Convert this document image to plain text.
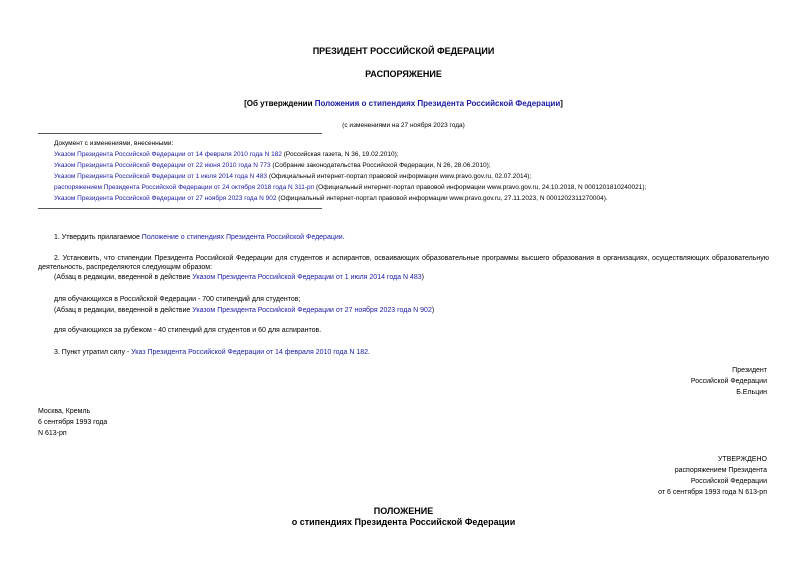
ПРЕЗИДЕНТ РОССИЙСКОЙ ФЕДЕРАЦИИ
РАСПОРЯЖЕНИЕ
[Об утверждении Положения о стипендиях Президента Российской Федерации]
(с изменениями на 27 ноября 2023 года)
Документ с изменениями, внесенными:
Указом Президента Российской Федерации от 14 февраля 2010 года N 182 (Российская газета, N 36, 19.02.2010);
Указом Президента Российской Федерации от 22 июня 2010 года N 773 (Собрание законодательства Российской Федерации, N 26, 28.06.2010);
Указом Президента Российской Федерации от 1 июля 2014 года N 483 (Официальный интернет-портал правовой информации www.pravo.gov.ru, 02.07.2014);
распоряжением Президента Российской Федерации от 24 октября 2018 года N 311-рп (Официальный интернет-портал правовой информации www.pravo.gov.ru, 24.10.2018, N 0001201810240021);
Указом Президента Российской Федерации от 27 ноября 2023 года N 902 (Официальный интернет-портал правовой информации www.pravo.gov.ru, 27.11.2023, N 0001202311270004).
1. Утвердить прилагаемое Положение о стипендиях Президента Российской Федерации.
2. Установить, что стипендии Президента Российской Федерации для студентов и аспирантов, осваивающих образовательные программы высшего образования в организациях, осуществляющих образовательную деятельность, распределяются следующим образом:
(Абзац в редакции, введенной в действие Указом Президента Российской Федерации от 1 июля 2014 года N 483)
для обучающихся в Российской Федерации - 700 стипендий для студентов;
(Абзац в редакции, введенной в действие Указом Президента Российской Федерации от 27 ноября 2023 года N 902)
для обучающихся за рубежом - 40 стипендий для студентов и 60 для аспирантов.
3. Пункт утратил силу - Указ Президента Российской Федерации от 14 февраля 2010 года N 182.
Президент
Российской Федерации
Б.Ельцин
Москва, Кремль
6 сентября 1993 года
N 613-рп
УТВЕРЖДЕНО
распоряжением Президента
Российской Федерации
от 6 сентября 1993 года N 613-рп
ПОЛОЖЕНИЕ
о стипендиях Президента Российской Федерации
